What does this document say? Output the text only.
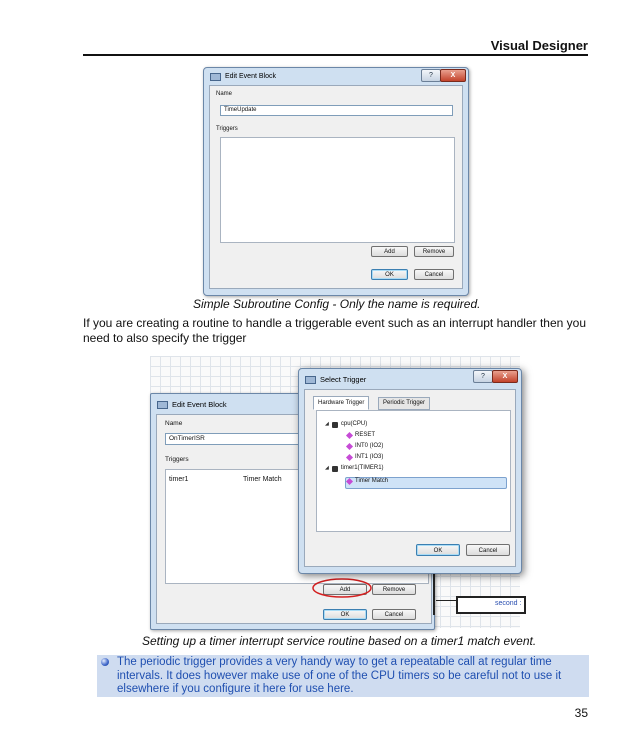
Visual Designer
Edit Event Block	?	X
Name
TimeUpdate
Triggers
Add	Remove
OK	Cancel
Simple Subroutine Config - Only the name is required.
If you are creating a routine to handle a triggerable event such as an interrupt handler then you need to also specify the trigger
Edit Event Block
Name
OnTimerISR
Triggers
timer1	Timer Match
Add	Remove
OK	Cancel
second :
Select Trigger	?	X
Hardware Trigger	Periodic Trigger
◢ cpu(CPU)
RESET
INT0 (IO2)
INT1 (IO3)
◢ timer1(TIMER1)
Timer Match
OK	Cancel
Setting up a timer interrupt service routine based on a timer1 match event.
The periodic trigger provides a very handy way to get a repeatable call at regular time intervals. It does however make use of one of the CPU timers so be careful not to use it elsewhere if you configure it here for use here.
35
